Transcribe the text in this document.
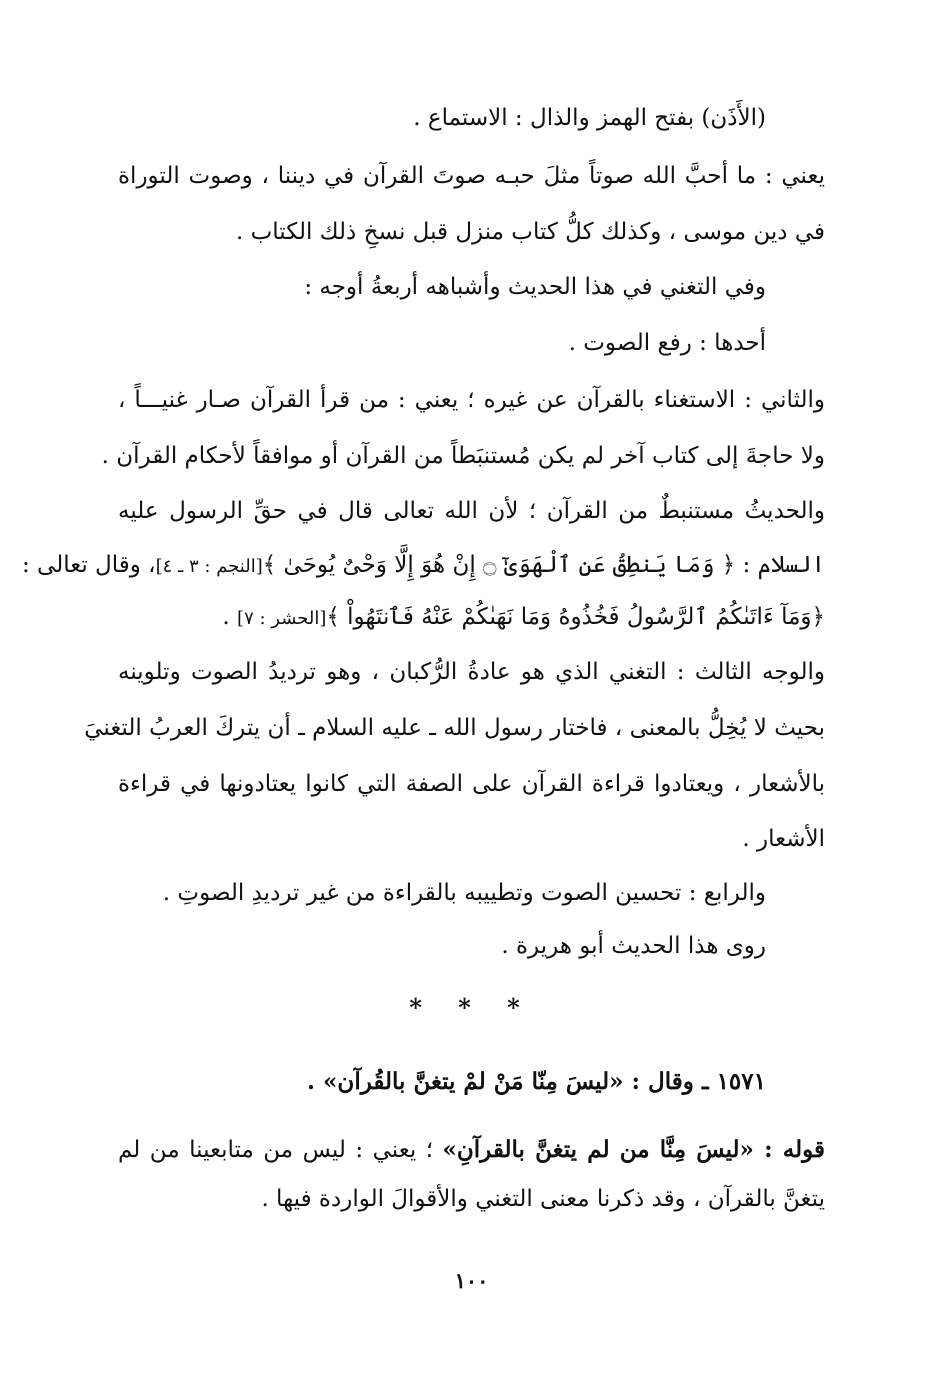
(الأَذَن) بفتح الهمز والذال : الاستماع .
يعني : ما أحبَّ الله صوتاً مثلَ حبـه صوتَ القرآن في ديننا ، وصوت التوراة
في دين موسى ، وكذلك كلُّ كتاب منزل قبل نسخِ ذلك الكتاب .
وفي التغني في هذا الحديث وأشباهه أربعةُ أوجه :
أحدها : رفع الصوت .
والثاني : الاستغناء بالقرآن عن غيره ؛ يعني : من قرأ القرآن صـار غنيـــاً ،
ولا حاجةَ إلى كتاب آخر لم يكن مُستنبَطاً من القرآن أو موافقاً لأحكام القرآن .
والحديثُ مستنبطٌ من القرآن ؛ لأن الله تعالى قال في حقِّ الرسول عليه
السلام : ﴿ وَمَا يَنطِقُ عَنِ ٱلْهَوَىٰٓ ۝ إِنْ هُوَ إِلَّا وَحْىٌ يُوحَىٰ ﴾[النجم : ٣ ـ ٤]، وقال تعالى :
﴿وَمَآ ءَاتَىٰكُمُ ٱلرَّسُولُ فَخُذُوهُ وَمَا نَهَىٰكُمْ عَنْهُ فَٱنتَهُواْ ﴾[الحشر : ٧] .
والوجه الثالث : التغني الذي هو عادةُ الرُّكبان ، وهو ترديدُ الصوت وتلوينه
بحيث لا يُخِلُّ بالمعنى ، فاختار رسول الله ـ عليه السلام ـ أن يتركَ العربُ التغنيَ
بالأشعار ، ويعتادوا قراءة القرآن على الصفة التي كانوا يعتادونها في قراءة
الأشعار .
والرابع : تحسين الصوت وتطييبه بالقراءة من غير ترديدِ الصوتِ .
روى هذا الحديث أبو هريرة .
* * *
١٥٧١ ـ وقال : «ليسَ مِنّا مَنْ لمْ يتغنَّ بالقُرآن» .
قوله : «ليسَ مِنَّا من لم يتغنَّ بالقرآنِ» ؛ يعني : ليس من متابعينا من لم
يتغنَّ بالقرآن ، وقد ذكرنا معنى التغني والأقوالَ الواردة فيها .
١٠٠
